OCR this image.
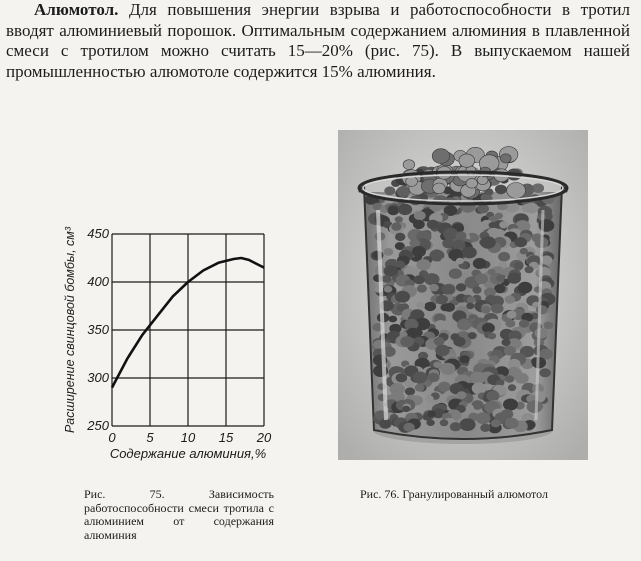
Алюмотол. Для повышения энергии взрыва и работоспособности в тротил вводят алюминиевый порошок. Оптимальным содержанием алюминия в плавленной смеси с тротилом можно считать 15—20% (рис. 75). В выпускаемом нашей промышленностью алюмотоле содержится 15% алюминия.
0 5 10 15 20
250
300
350
400
450
Содержание алюминия,%
Расширение свинцовой бомбы, см³
Рис. 75. Зависимость работоспособности смеси тротила с алюминием от содержания алюминия
Рис. 76. Гранулированный алюмотол
